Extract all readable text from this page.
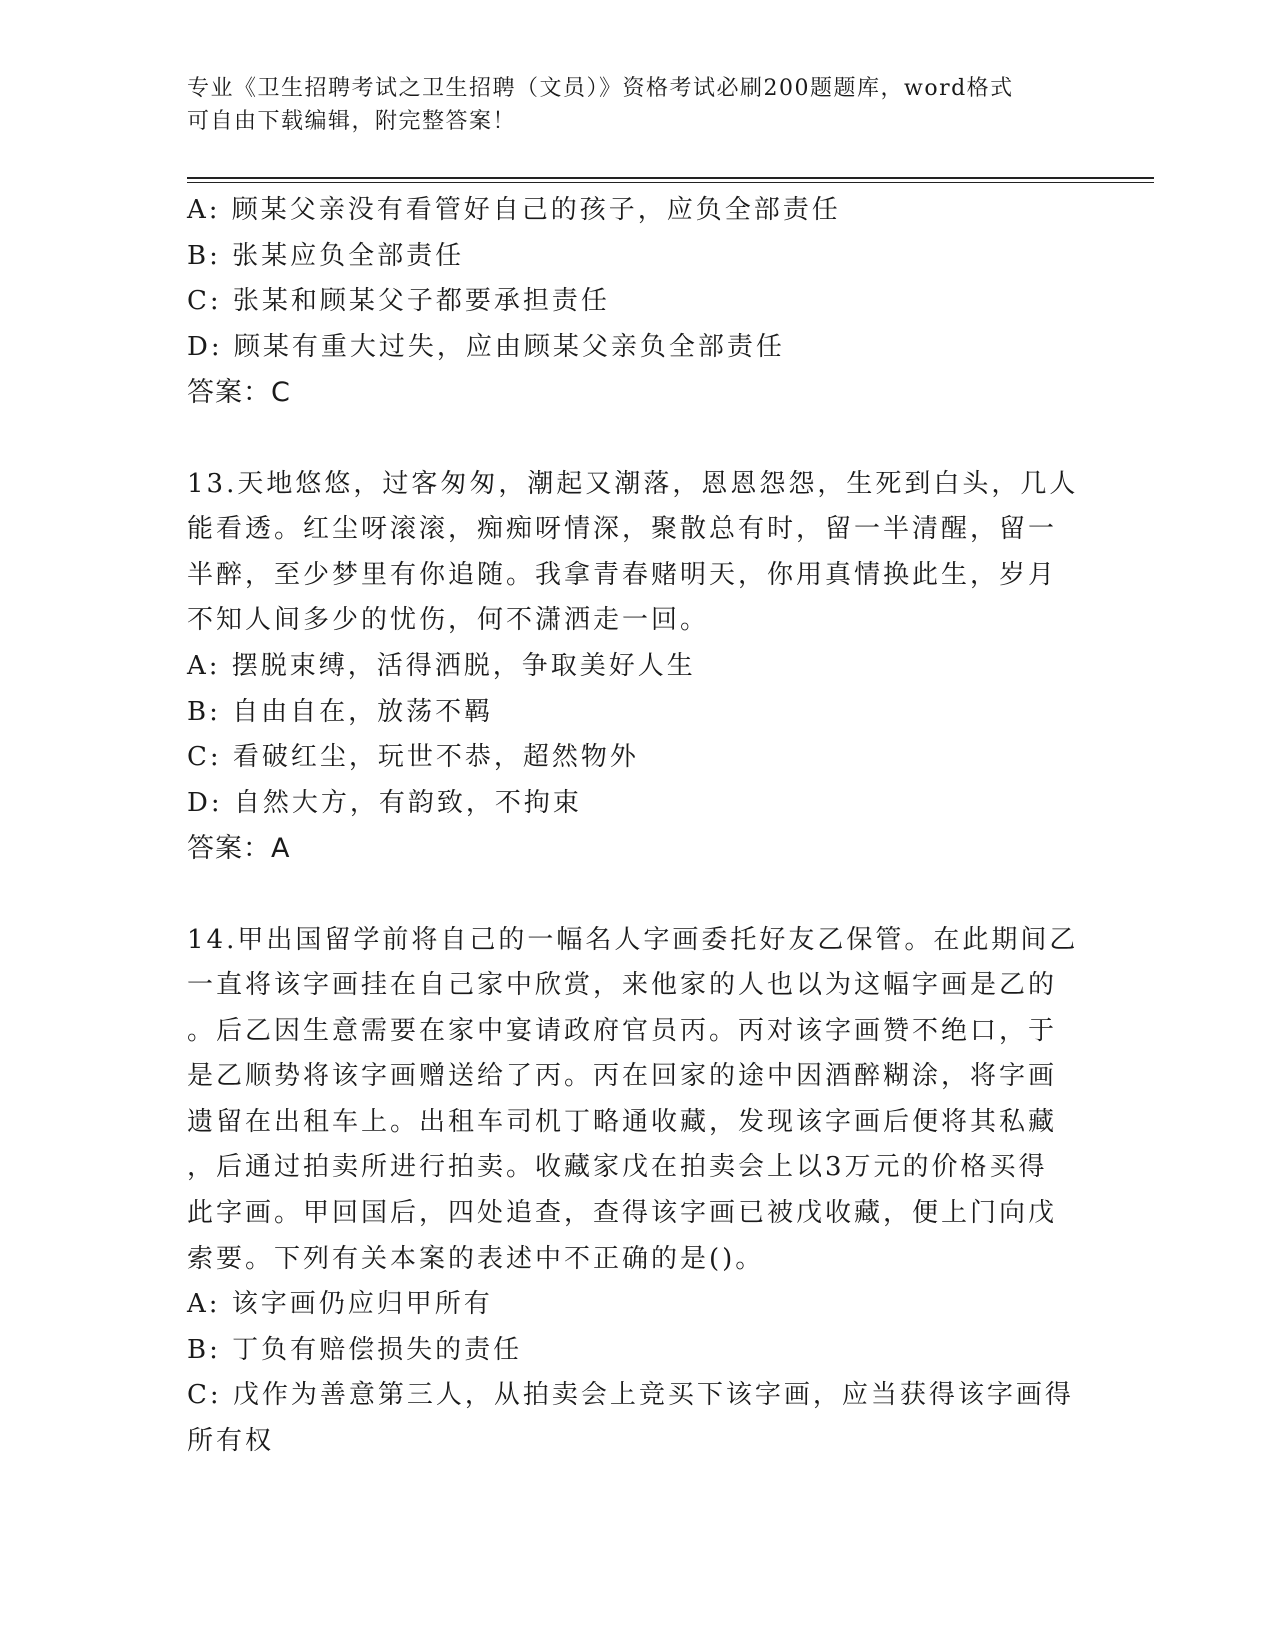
专业《卫生招聘考试之卫生招聘（文员）》资格考试必刷200题题库，word格式
可自由下载编辑，附完整答案！
A: 顾某父亲没有看管好自己的孩子，应负全部责任
B: 张某应负全部责任
C: 张某和顾某父子都要承担责任
D: 顾某有重大过失，应由顾某父亲负全部责任
答案：C
13.天地悠悠，过客匆匆，潮起又潮落，恩恩怨怨，生死到白头，几人
能看透。红尘呀滚滚，痴痴呀情深，聚散总有时，留一半清醒，留一
半醉，至少梦里有你追随。我拿青春赌明天，你用真情换此生，岁月
不知人间多少的忧伤，何不潇洒走一回。
A: 摆脱束缚，活得洒脱，争取美好人生
B: 自由自在，放荡不羁
C: 看破红尘，玩世不恭，超然物外
D: 自然大方，有韵致，不拘束
答案：A
14.甲出国留学前将自己的一幅名人字画委托好友乙保管。在此期间乙
一直将该字画挂在自己家中欣赏，来他家的人也以为这幅字画是乙的
。后乙因生意需要在家中宴请政府官员丙。丙对该字画赞不绝口，于
是乙顺势将该字画赠送给了丙。丙在回家的途中因酒醉糊涂，将字画
遗留在出租车上。出租车司机丁略通收藏，发现该字画后便将其私藏
，后通过拍卖所进行拍卖。收藏家戊在拍卖会上以3万元的价格买得
此字画。甲回国后，四处追查，查得该字画已被戊收藏，便上门向戊
索要。下列有关本案的表述中不正确的是()。
A: 该字画仍应归甲所有
B: 丁负有赔偿损失的责任
C: 戊作为善意第三人，从拍卖会上竞买下该字画，应当获得该字画得
所有权
